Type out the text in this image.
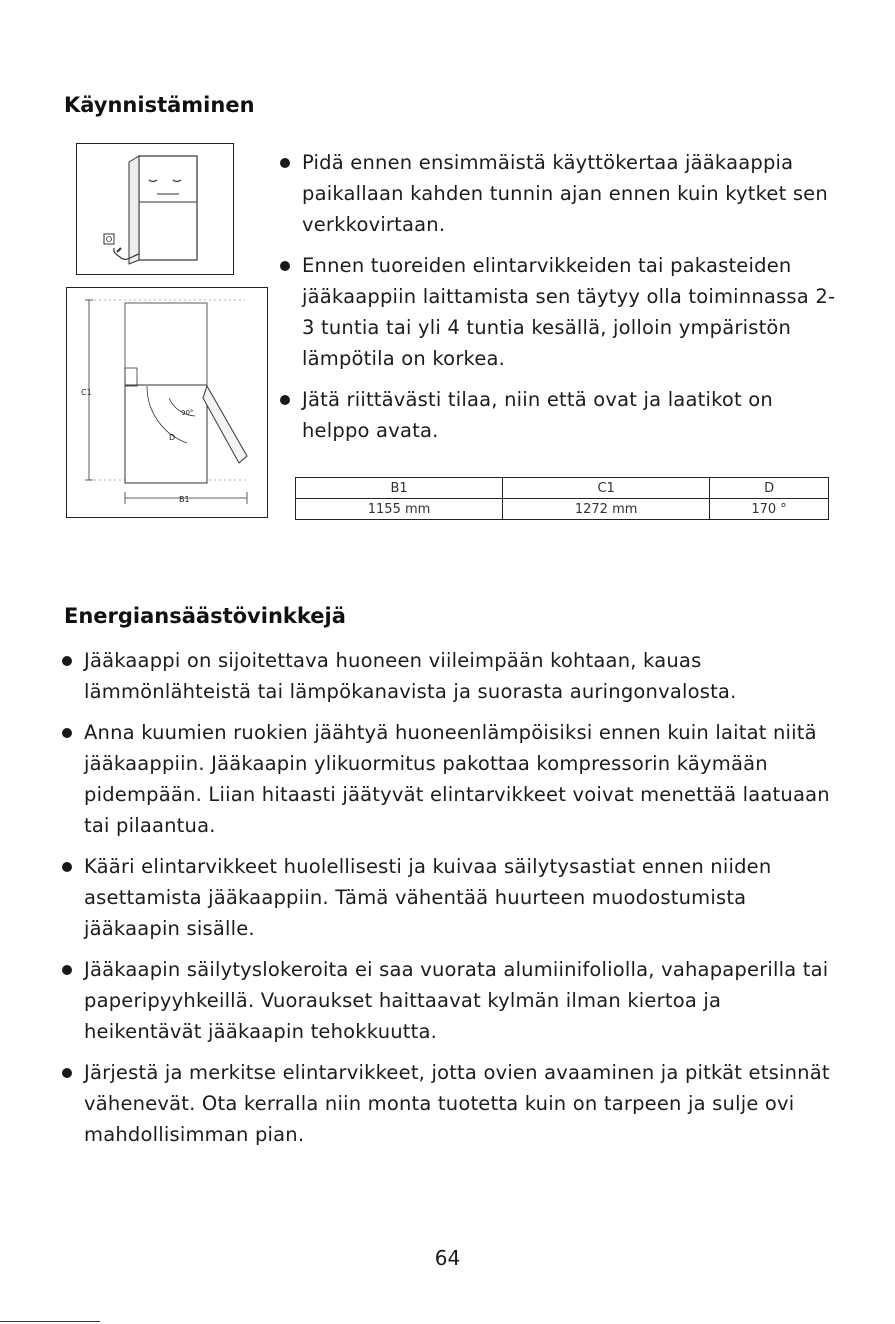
Käynnistäminen
C1
B1
D
90°
Pidä ennen ensimmäistä käyttökertaa jääkaappia paikallaan kahden tunnin ajan ennen kuin kytket sen verkkovirtaan.
Ennen tuoreiden elintarvikkeiden tai pakasteiden jääkaappiin laittamista sen täytyy olla toiminnassa 2-3 tuntia tai yli 4 tuntia kesällä, jolloin ympäristön lämpötila on korkea.
Jätä riittävästi tilaa, niin että ovat ja laatikot on helppo avata.
B1	C1	D
1155 mm	1272 mm	170 °
Energiansäästövinkkejä
Jääkaappi on sijoitettava huoneen viileimpään kohtaan, kauas lämmönlähteistä tai lämpökanavista ja suorasta auringonvalosta.
Anna kuumien ruokien jäähtyä huoneenlämpöisiksi ennen kuin laitat niitä jääkaappiin. Jääkaapin ylikuormitus pakottaa kompressorin käymään pidempään. Liian hitaasti jäätyvät elintarvikkeet voivat menettää laatuaan tai pilaantua.
Kääri elintarvikkeet huolellisesti ja kuivaa säilytysastiat ennen niiden asettamista jääkaappiin. Tämä vähentää huurteen muodostumista jääkaapin sisälle.
Jääkaapin säilytyslokeroita ei saa vuorata alumiinifoliolla, vahapaperilla tai paperipyyhkeillä. Vuoraukset haittaavat kylmän ilman kiertoa ja heikentävät jääkaapin tehokkuutta.
Järjestä ja merkitse elintarvikkeet, jotta ovien avaaminen ja pitkät etsinnät vähenevät. Ota kerralla niin monta tuotetta kuin on tarpeen ja sulje ovi mahdollisimman pian.
64
